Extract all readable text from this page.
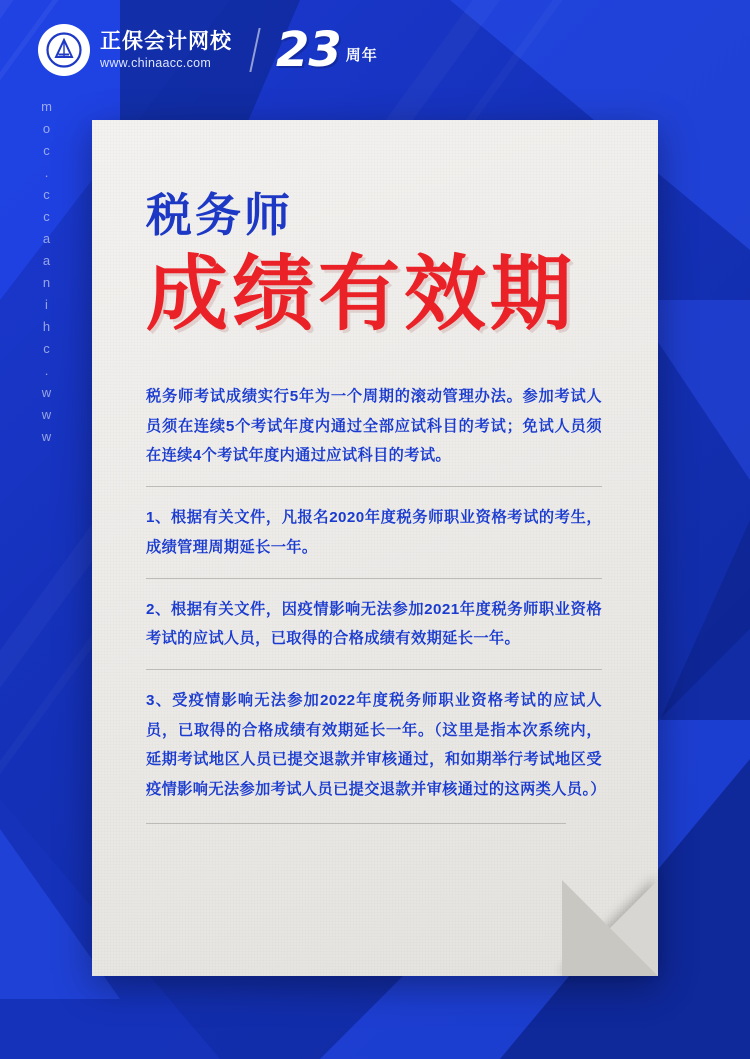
正保会计网校
www.chinaacc.com	23 周年
m
o
c
.
c
c
a
a
n
i
h
c
.
w
w
w
税务师
成绩有效期

税务师考试成绩实行5年为一个周期的滚动管理办法。参加考试人员须在连续5个考试年度内通过全部应试科目的考试；免试人员须在连续4个考试年度内通过应试科目的考试。

1、根据有关文件，凡报名2020年度税务师职业资格考试的考生，成绩管理周期延长一年。

2、根据有关文件，因疫情影响无法参加2021年度税务师职业资格考试的应试人员，已取得的合格成绩有效期延长一年。

3、受疫情影响无法参加2022年度税务师职业资格考试的应试人员，已取得的合格成绩有效期延长一年。（这里是指本次系统内，延期考试地区人员已提交退款并审核通过，和如期举行考试地区受疫情影响无法参加考试人员已提交退款并审核通过的这两类人员。）
